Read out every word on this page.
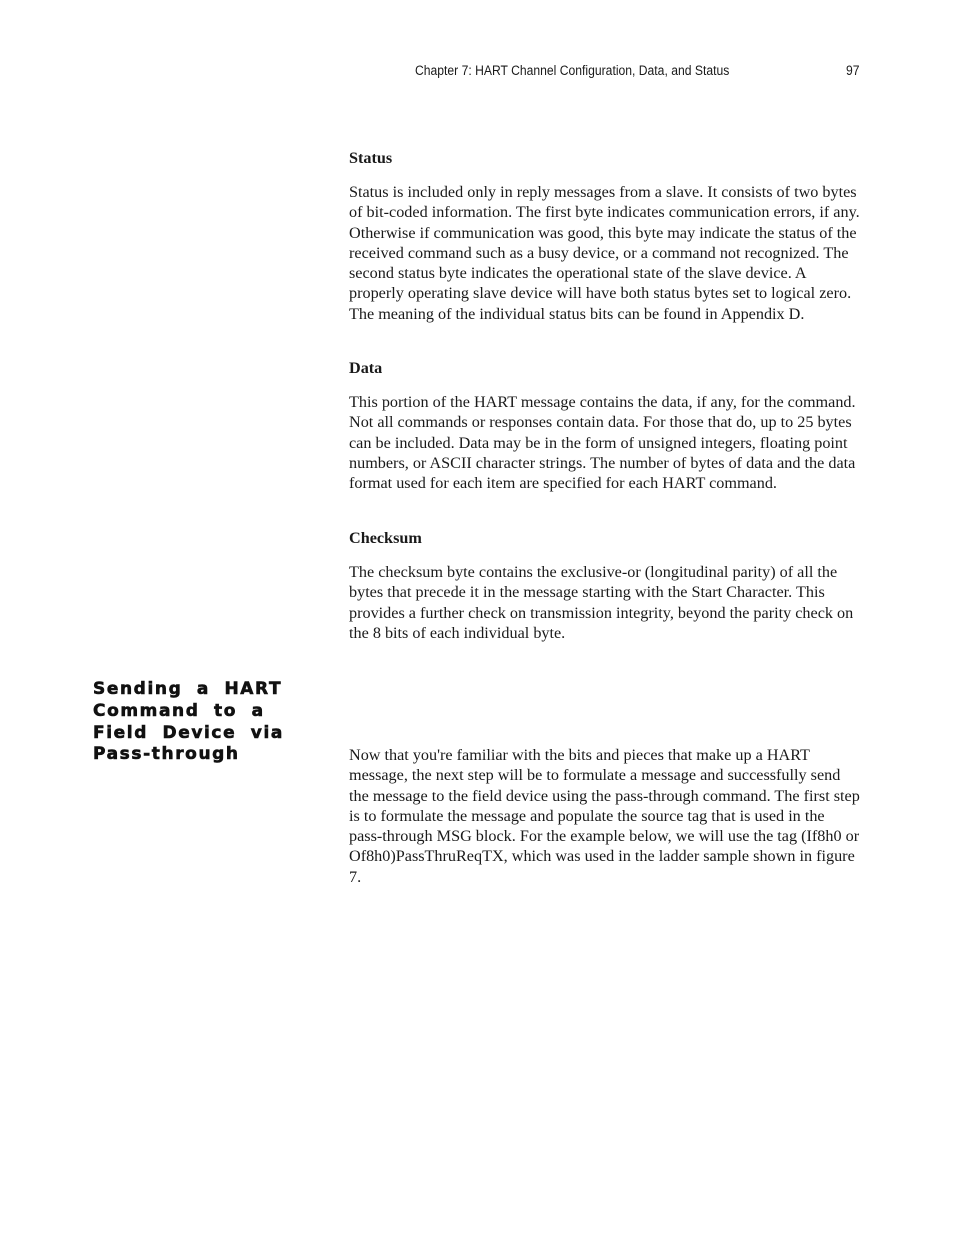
Chapter 7: HART Channel Configuration, Data, and Status	97
Status

Status is included only in reply messages from a slave. It consists of two bytes of bit-coded information. The first byte indicates communication errors, if any. Otherwise if communication was good, this byte may indicate the status of the received command such as a busy device, or a command not recognized. The second status byte indicates the operational state of the slave device. A properly operating slave device will have both status bytes set to logical zero. The meaning of the individual status bits can be found in Appendix D.

Data

This portion of the HART message contains the data, if any, for the command. Not all commands or responses contain data. For those that do, up to 25 bytes can be included. Data may be in the form of unsigned integers, floating point numbers, or ASCII character strings. The number of bytes of data and the data format used for each item are specified for each HART command.

Checksum

The checksum byte contains the exclusive-or (longitudinal parity) of all the bytes that precede it in the message starting with the Start Character. This provides a further check on transmission integrity, beyond the parity check on the 8 bits of each individual byte.

Sending a HART Command to a Field Device via Pass-through	Now that you're familiar with the bits and pieces that make up a HART message, the next step will be to formulate a message and successfully send the message to the field device using the pass-through command. The first step is to formulate the message and populate the source tag that is used in the pass-through MSG block. For the example below, we will use the tag (If8h0 or Of8h0)PassThruReqTX, which was used in the ladder sample shown in figure 7.
